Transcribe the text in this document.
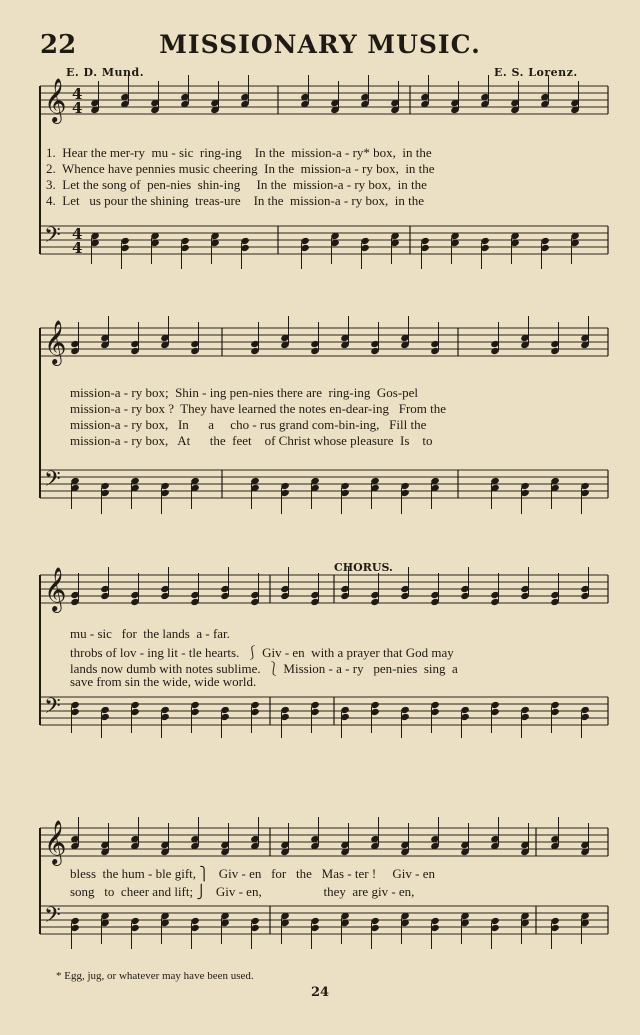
22	MISSIONARY MUSIC.
E. D. Mund.	E. S. Lorenz.
𝄞
𝄢
4
4
4
4
𝄞
𝄢
𝄞
𝄢
𝄞
𝄢
CHORUS.
1.  Hear the mer-ry  mu - sic  ring-ing    In the  mission-a - ry* box,  in the
2.  Whence have pennies music cheering  In the  mission-a - ry box,  in the
3.  Let the song of  pen-nies  shin-ing     In the  mission-a - ry box,  in the
4.  Let   us pour the shining  treas-ure    In the  mission-a - ry box,  in the
mission-a - ry box;  Shin - ing pen-nies there are  ring-ing  Gos-pel
mission-a - ry box ?  They have learned the notes en-dear-ing   From the
mission-a - ry box,   In      a     cho - rus grand com-bin-ing,   Fill the
mission-a - ry box,   At      the  feet    of Christ whose pleasure  Is    to
mu - sic   for  the lands  a - far.
throbs of lov - ing lit - tle hearts.  ⎰ Giv - en  with a prayer that God may
lands now dumb with notes sublime.  ⎱ Mission - a - ry   pen-nies  sing  a
save from sin the wide, wide world.
bless  the hum - ble gift, ⎫   Giv - en   for   the   Mas - ter !     Giv - en
song   to  cheer and lift; ⎭   Giv - en,                   they  are giv - en,
* Egg, jug, or whatever may have been used.
24
